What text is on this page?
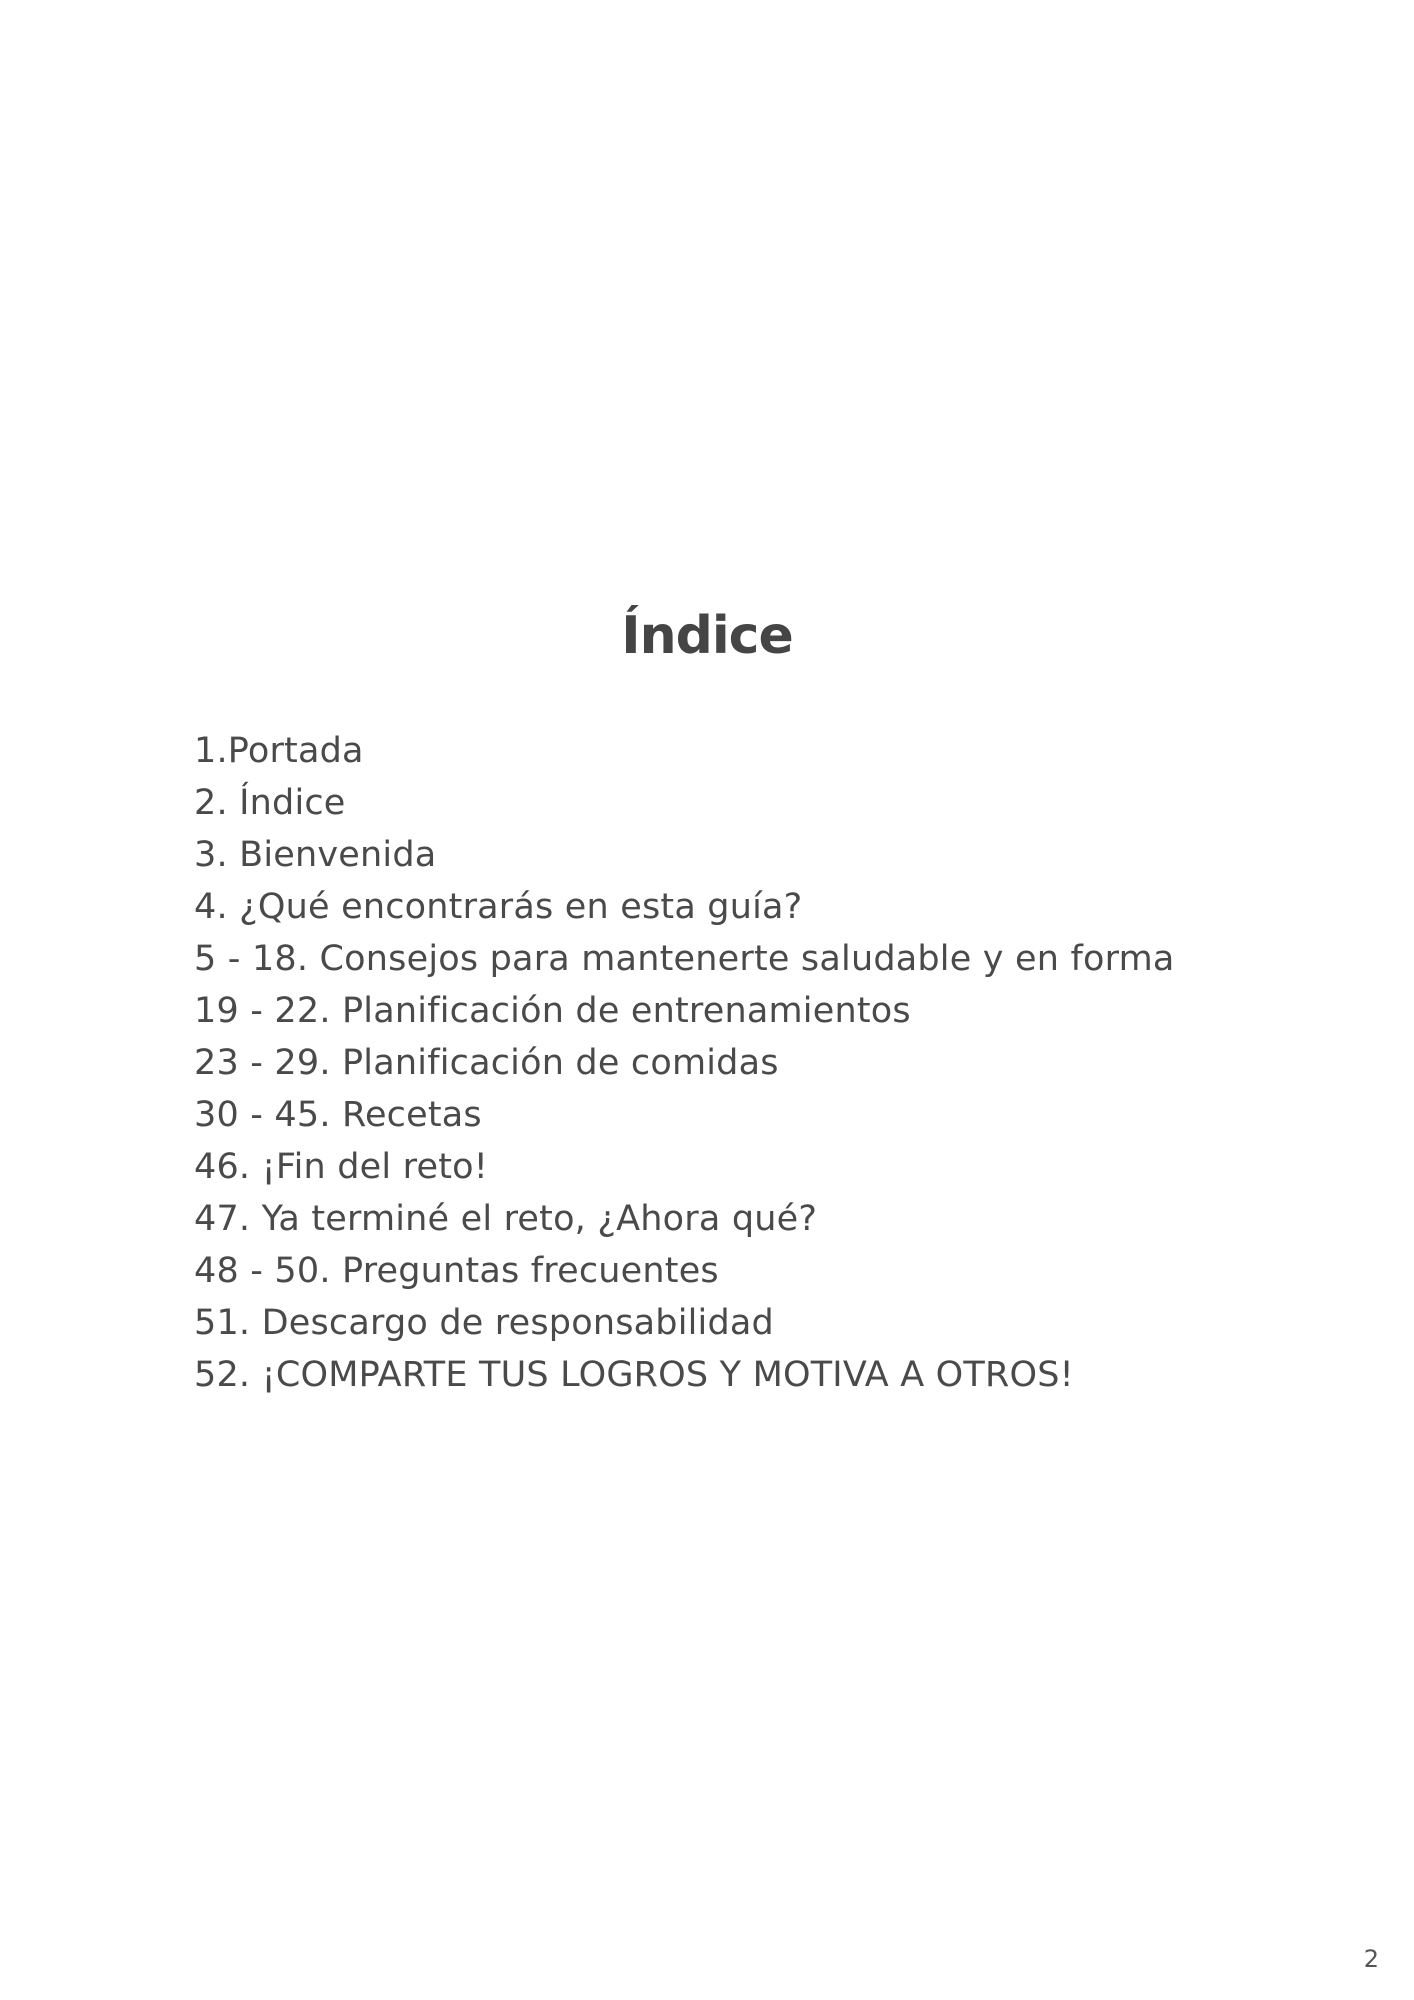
Índice
1.Portada
2. Índice
3. Bienvenida
4. ¿Qué encontrarás en esta guía?
5 - 18. Consejos para mantenerte saludable y en forma
19 - 22. Planificación de entrenamientos
23 - 29. Planificación de comidas
30 - 45. Recetas
46. ¡Fin del reto!
47. Ya terminé el reto, ¿Ahora qué?
48 - 50. Preguntas frecuentes
51. Descargo de responsabilidad
52. ¡COMPARTE TUS LOGROS Y MOTIVA A OTROS!
2
